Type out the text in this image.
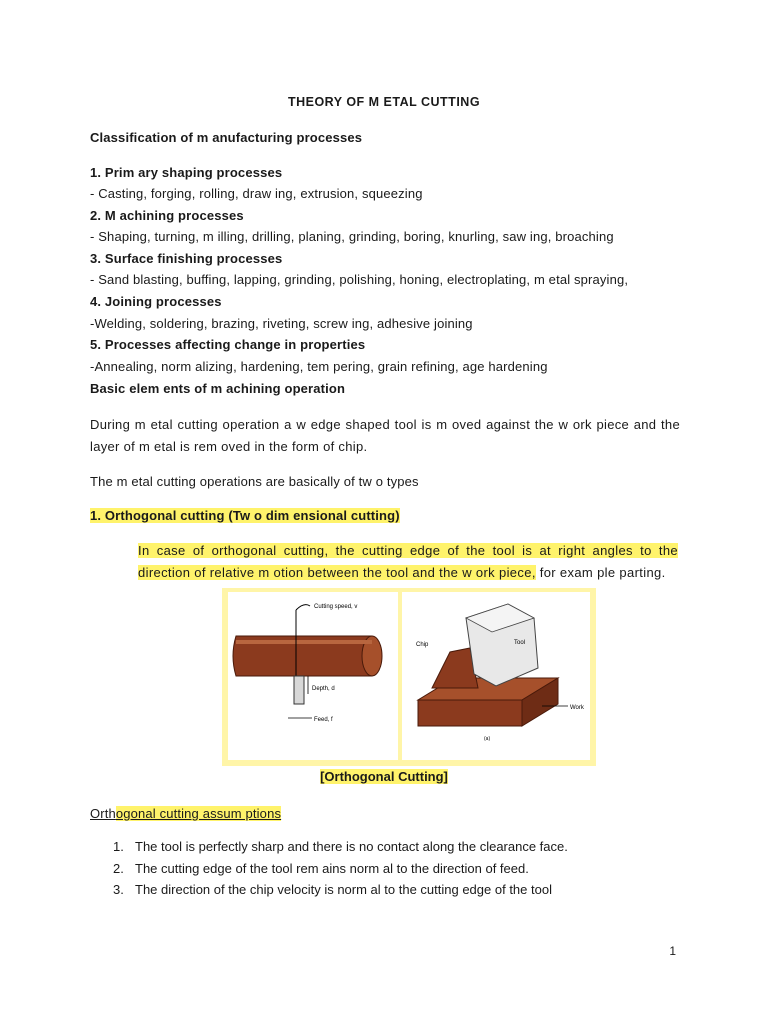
THEORY OF M ETAL CUTTING
Classification of m anufacturing processes
1. Prim ary shaping processes
- Casting, forging, rolling, draw ing, extrusion, squeezing
2. M achining processes
- Shaping, turning, m illing, drilling, planing, grinding, boring, knurling, saw ing, broaching
3. Surface finishing processes
- Sand blasting, buffing, lapping, grinding, polishing, honing, electroplating, m etal spraying,
4. Joining processes
-Welding, soldering, brazing, riveting, screw ing, adhesive joining
5. Processes affecting change in properties
-Annealing, norm alizing, hardening, tem pering, grain refining, age hardening
Basic elem ents of m achining operation
During m etal cutting operation a w edge shaped tool is m oved against the w ork piece and the layer of m etal is rem oved in the form of chip.
The m etal cutting operations are basically of tw o types
1. Orthogonal cutting (Tw o dim ensional cutting)
In case of orthogonal cutting, the cutting edge of the tool is at right angles to the direction of relative m otion between the tool and the w ork piece, for exam ple parting.
Cutting speed, v
Depth, d
Feed, f
Tool
Chip
Work
(a)
[Orthogonal Cutting]
Orthogonal cutting assum ptions
1. The tool is perfectly sharp and there is no contact along the clearance face.
2. The cutting edge of the tool rem ains norm al to the direction of feed.
3. The direction of the chip velocity is norm al to the cutting edge of the tool
1
